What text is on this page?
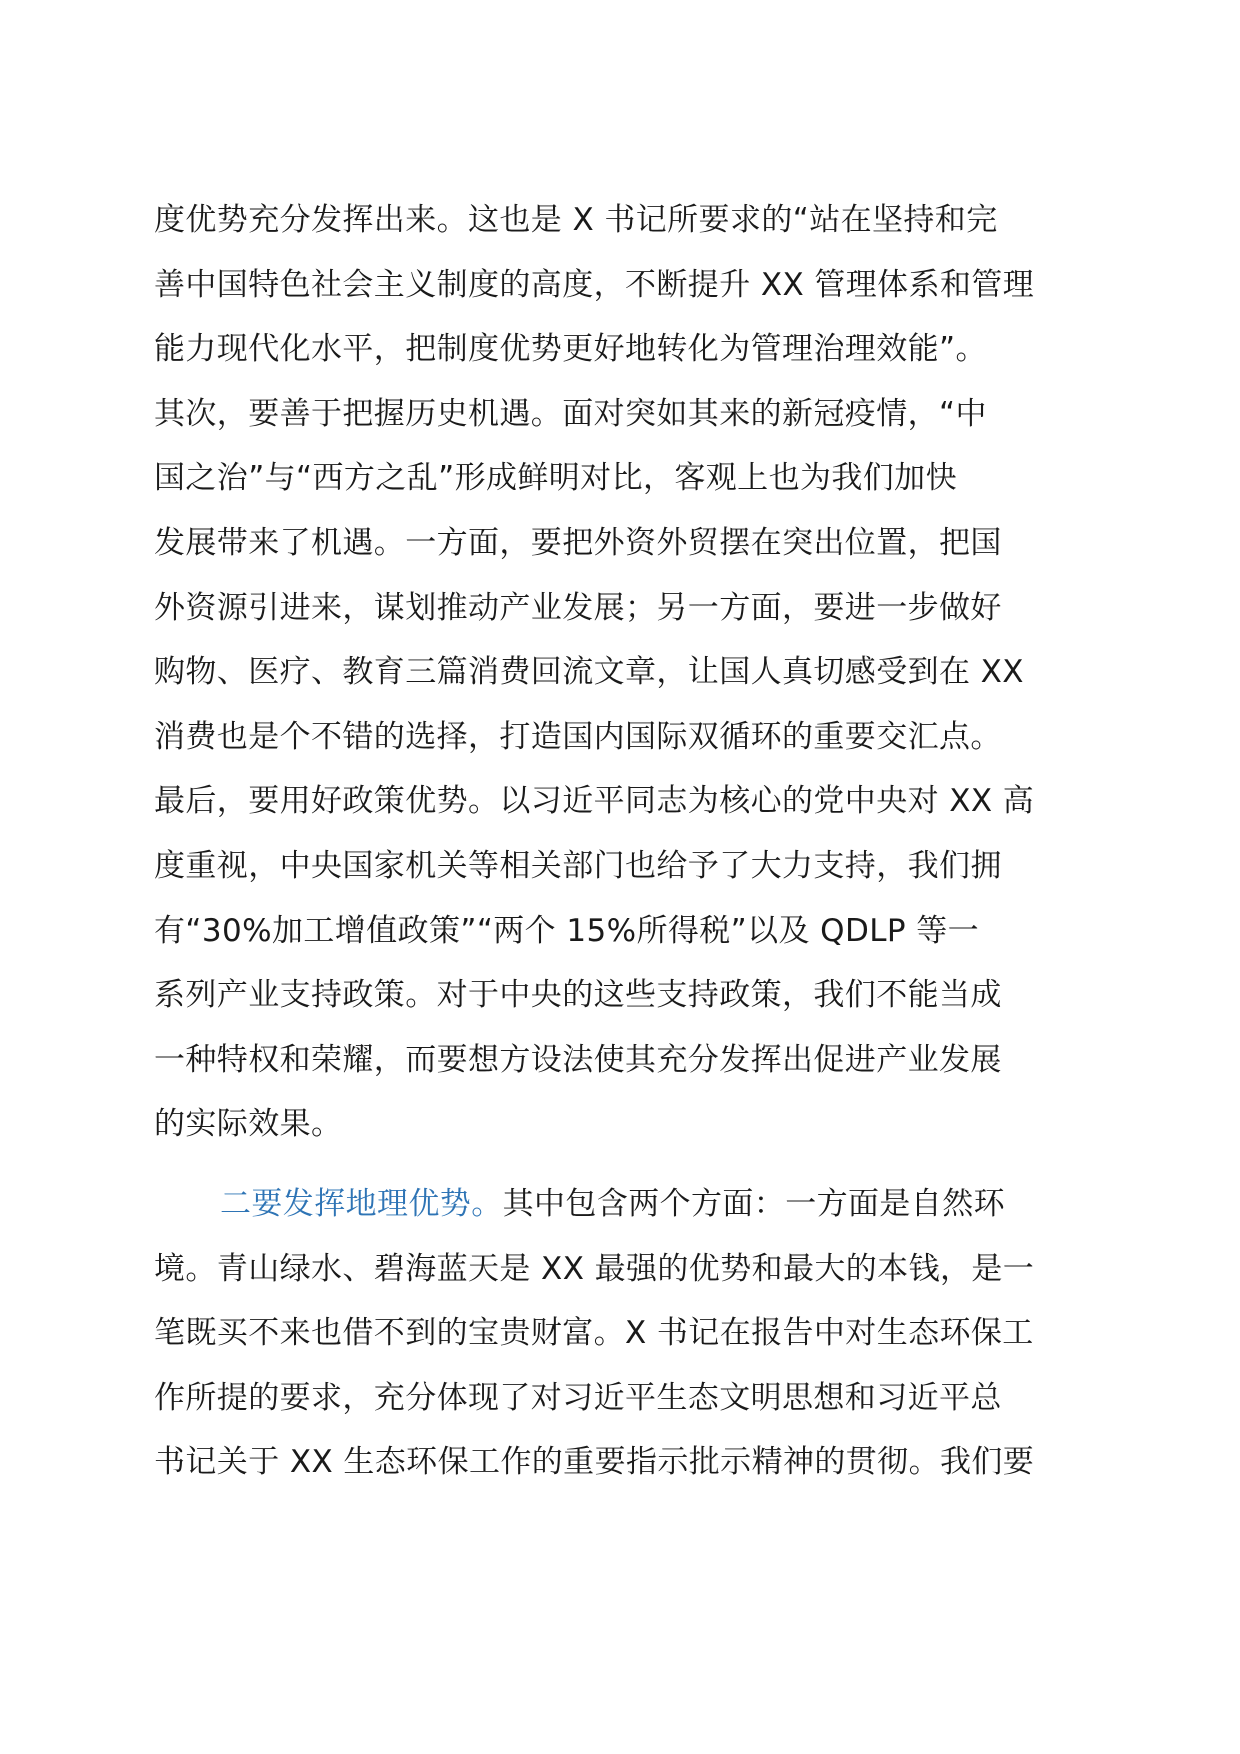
度优势充分发挥出来。这也是 X 书记所要求的“站在坚持和完
善中国特色社会主义制度的高度，不断提升 XX 管理体系和管理
能力现代化水平，把制度优势更好地转化为管理治理效能”。
其次，要善于把握历史机遇。面对突如其来的新冠疫情，“中
国之治”与“西方之乱”形成鲜明对比，客观上也为我们加快
发展带来了机遇。一方面，要把外资外贸摆在突出位置，把国
外资源引进来，谋划推动产业发展；另一方面，要进一步做好
购物、医疗、教育三篇消费回流文章，让国人真切感受到在 XX
消费也是个不错的选择，打造国内国际双循环的重要交汇点。
最后，要用好政策优势。以习近平同志为核心的党中央对 XX 高
度重视，中央国家机关等相关部门也给予了大力支持，我们拥
有“30%加工增值政策”“两个 15%所得税”以及 QDLP 等一
系列产业支持政策。对于中央的这些支持政策，我们不能当成
一种特权和荣耀，而要想方设法使其充分发挥出促进产业发展
的实际效果。

二要发挥地理优势。其中包含两个方面：一方面是自然环
境。青山绿水、碧海蓝天是 XX 最强的优势和最大的本钱，是一
笔既买不来也借不到的宝贵财富。X 书记在报告中对生态环保工
作所提的要求，充分体现了对习近平生态文明思想和习近平总
书记关于 XX 生态环保工作的重要指示批示精神的贯彻。我们要
